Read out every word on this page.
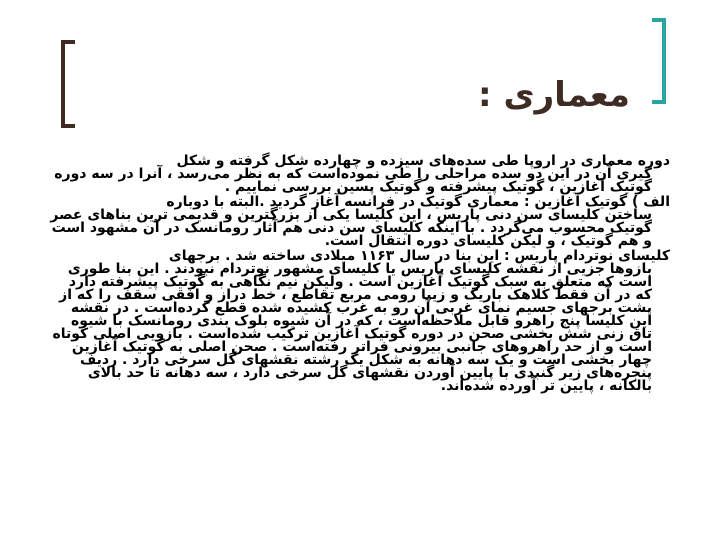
معماری :

دوره معماری در اروپا طی سده‌های سیزده و چهارده شکل گرفته و شکل
گیری آن در این دو سده مراحلی را طی نموده‌است که به نظر می‌رسد ، آنرا در سه دوره گوتیک آغازین ، گوتیک پیشرفته و گوتیک پسین بررسی نماییم .

الف ) گوتیک آغازین : معماری گوتیک در فرانسه آغاز گردید .البته با دوباره
ساختن کلیسای سن دنی پاریس ، این کلیسا یکی از بزرگترین و قدیمی ترین بناهای عصر گوتیک محسوب می‌گردد . با اینکه کلیسای سن دنی هم آثار رومانسک در آن مشهود است و هم گوتیک ، و لیکن کلیسای دوره انتقال است.

کلیسای نوتردام پاریس : این بنا در سال ۱۱۶۳ میلادی ساخته شد . برجهای
بازوها جزیی از نقشه کلیسای پاریس یا کلیسای مشهور نوتردام نبودند . این بنا طوری است که متعلق به سبک گوتیک آغازین است . ولیکن نیم نگاهی به گوتیک پیشرفته دارد که در آن فقط کلاهک باریک و زیبا رومی مربع تقاطع ، خط دراز و افقی سقف را که از پشت برجهای جسیم نمای غربی آن رو به غرب کشیده شده قطع کرده‌است . در نقشه این کلیسا پنج راهرو قابل ملاحظه‌است ، که در آن شیوه بلوک بندی رومانسک با شیوه تاق زنی شش بخشی صحن در دوره گوتیک آغازین ترکیب شده‌است . بازویی اصلی کوتاه است و از حد راهروهای جانبی بیرونی فراتر رفته‌است . صحن اصلی به گوتیک آغازین چهار بخشی است و یک سه دهانه به شکل یک رشته نقشهای گل سرخی دارد . ردیف پنجره‌های زیر گنبدی با پایین آوردن نقشهای گل سرخی دارد ، سه دهانه تا حد بالای بالکانه ، پایین تر آورده شده‌اند.
